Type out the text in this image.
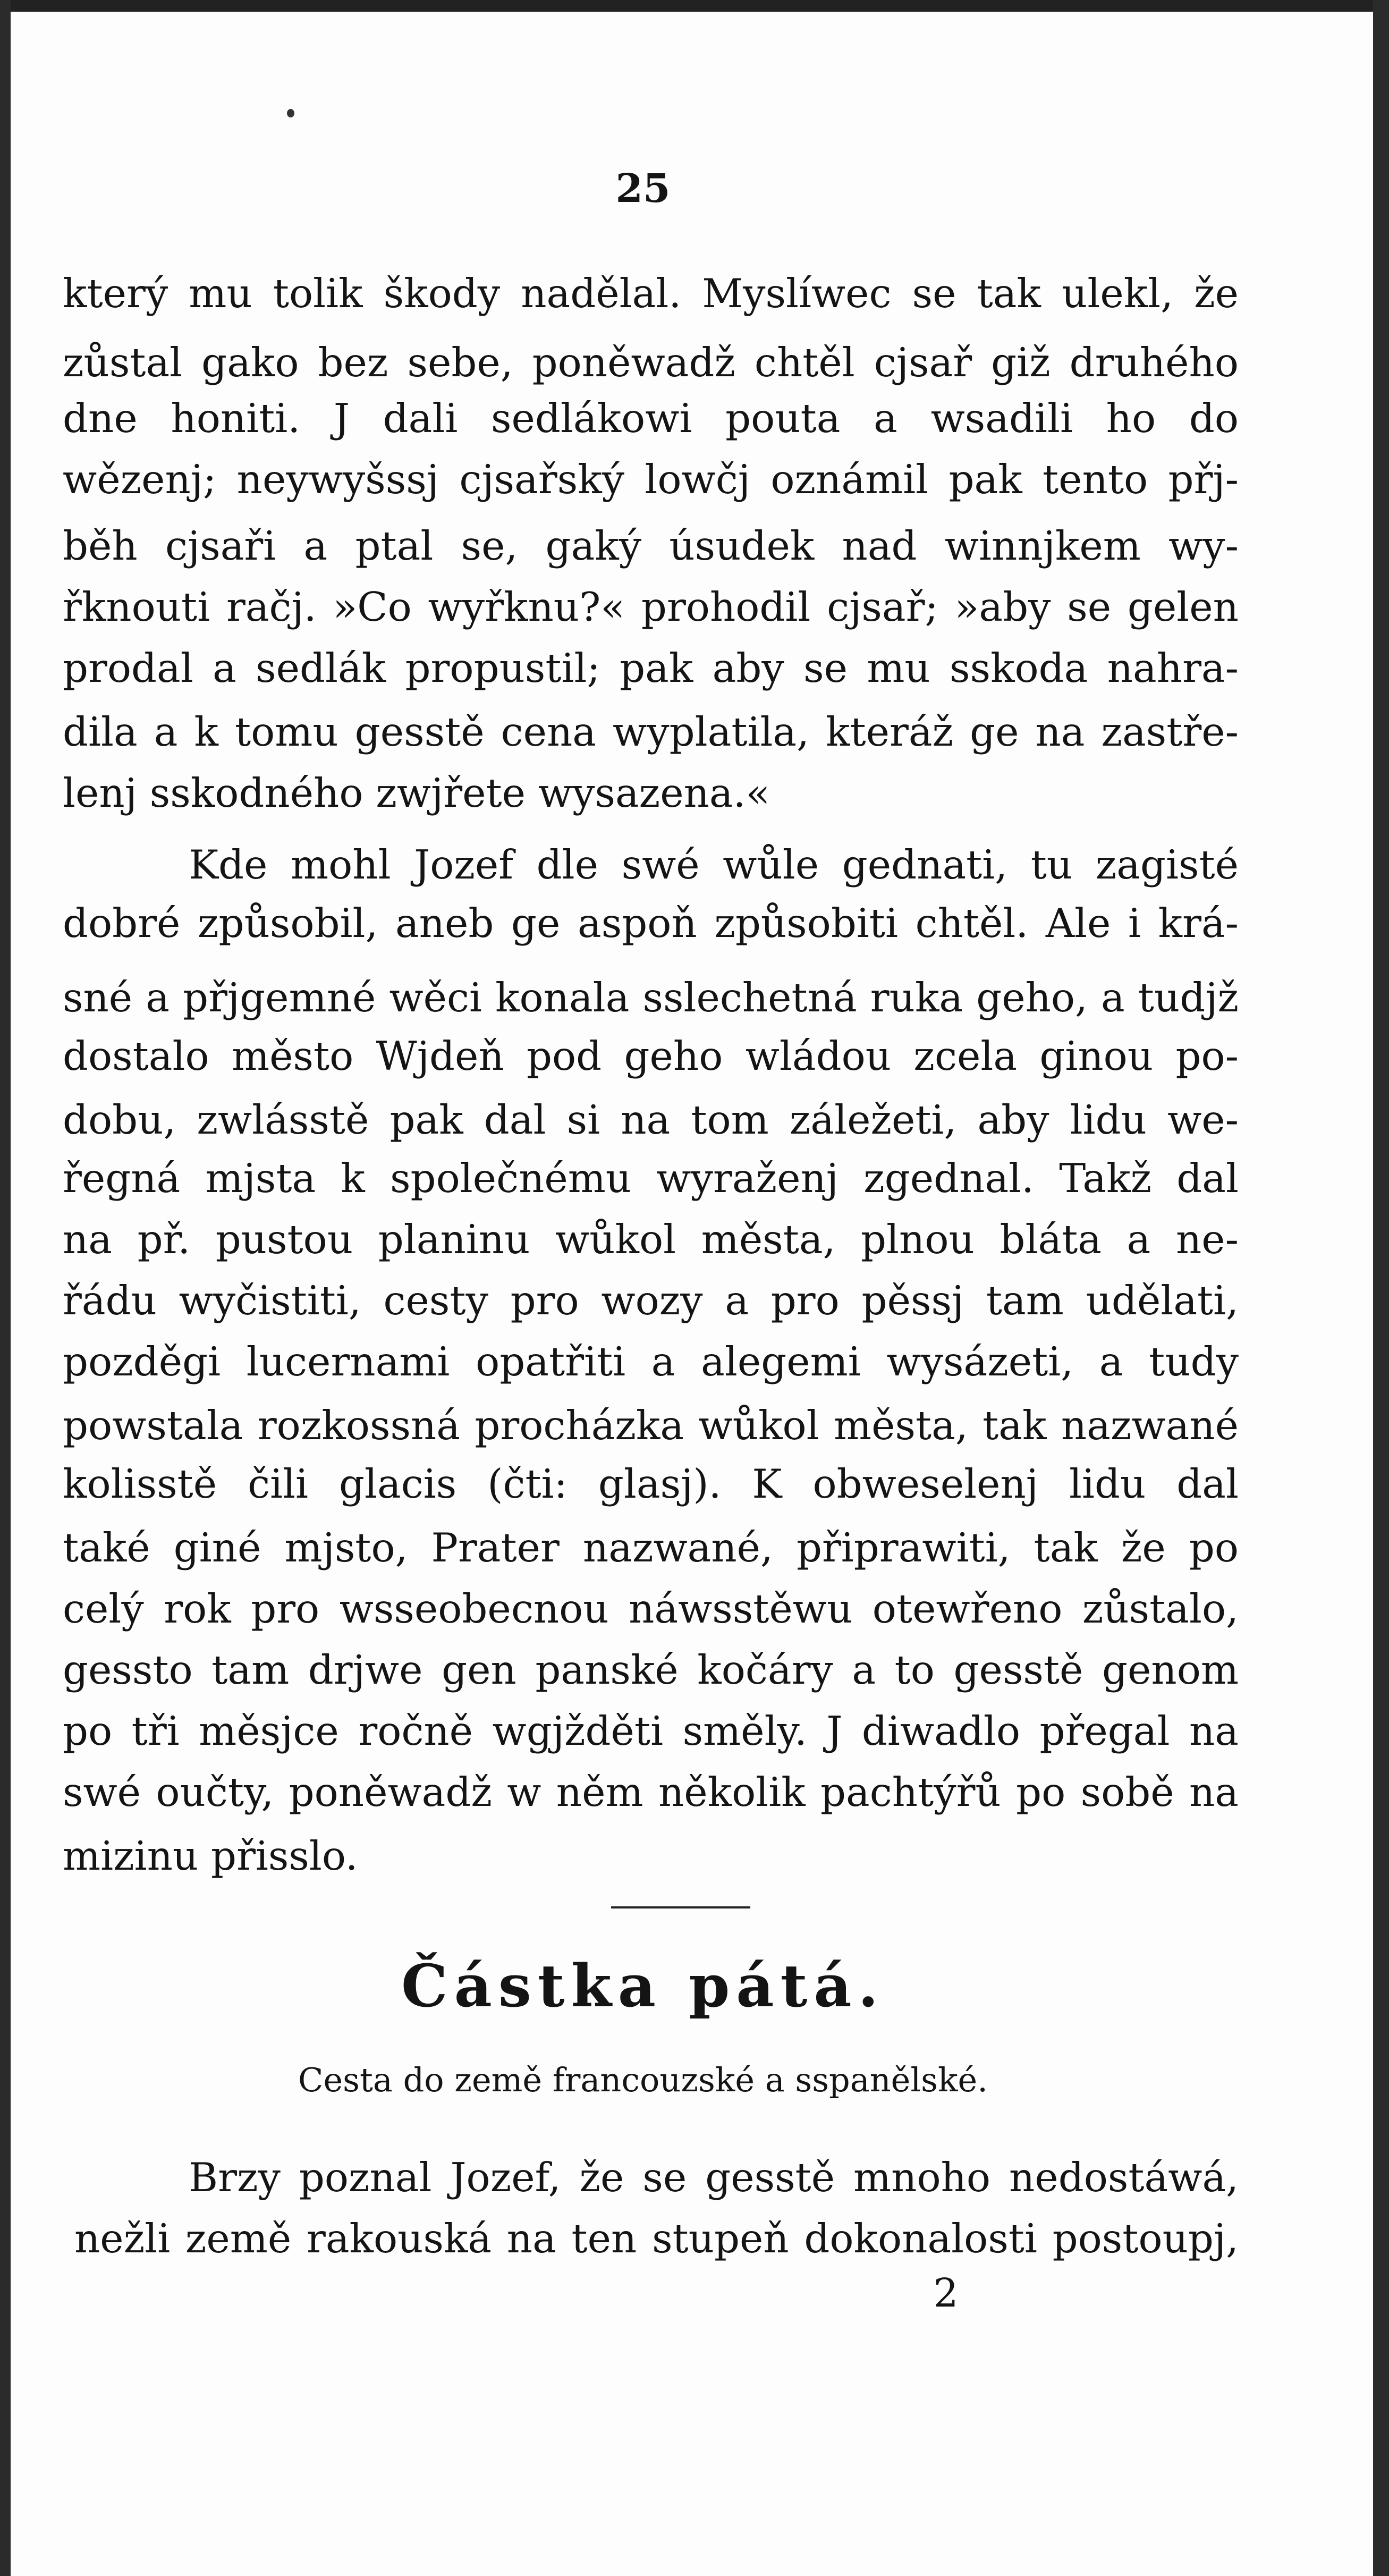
25
který mu tolik škody nadělal. Myslíwec se tak ulekl, že
zůstal gako bez sebe, poněwadž chtěl cjsař giž druhého
dne honiti. J dali sedlákowi pouta a wsadili ho do
wězenj; neywyšssj cjsařský lowčj oznámil pak tento přj-
běh cjsaři a ptal se, gaký úsudek nad winnjkem wy-
řknouti račj. »Co wyřknu?« prohodil cjsař; »aby se gelen
prodal a sedlák propustil; pak aby se mu sskoda nahra-
dila a k tomu gesstě cena wyplatila, kteráž ge na zastře-
lenj sskodného zwjřete wysazena.«
Kde mohl Jozef dle swé wůle gednati, tu zagisté
dobré způsobil, aneb ge aspoň způsobiti chtěl. Ale i krá-
sné a přjgemné wěci konala sslechetná ruka geho, a tudjž
dostalo město Wjdeň pod geho wládou zcela ginou po-
dobu, zwlásstě pak dal si na tom záležeti, aby lidu we-
řegná mjsta k společnému wyraženj zgednal. Takž dal
na př. pustou planinu wůkol města, plnou bláta a ne-
řádu wyčistiti, cesty pro wozy a pro pěssj tam udělati,
pozděgi lucernami opatřiti a alegemi wysázeti, a tudy
powstala rozkossná procházka wůkol města, tak nazwané
kolisstě čili glacis (čti: glasj). K obweselenj lidu dal
také giné mjsto, Prater nazwané, připrawiti, tak že po
celý rok pro wsseobecnou náwsstěwu otewřeno zůstalo,
gessto tam drjwe gen panské kočáry a to gesstě genom
po tři měsjce ročně wgjžděti směly. J diwadlo přegal na
swé oučty, poněwadž w něm několik pachtýřů po sobě na
mizinu přisslo.
Částka pátá.
Cesta do země francouzské a sspanělské.
Brzy poznal Jozef, že se gesstě mnoho nedostáwá,
nežli země rakouská na ten stupeň dokonalosti postoupj,
2
